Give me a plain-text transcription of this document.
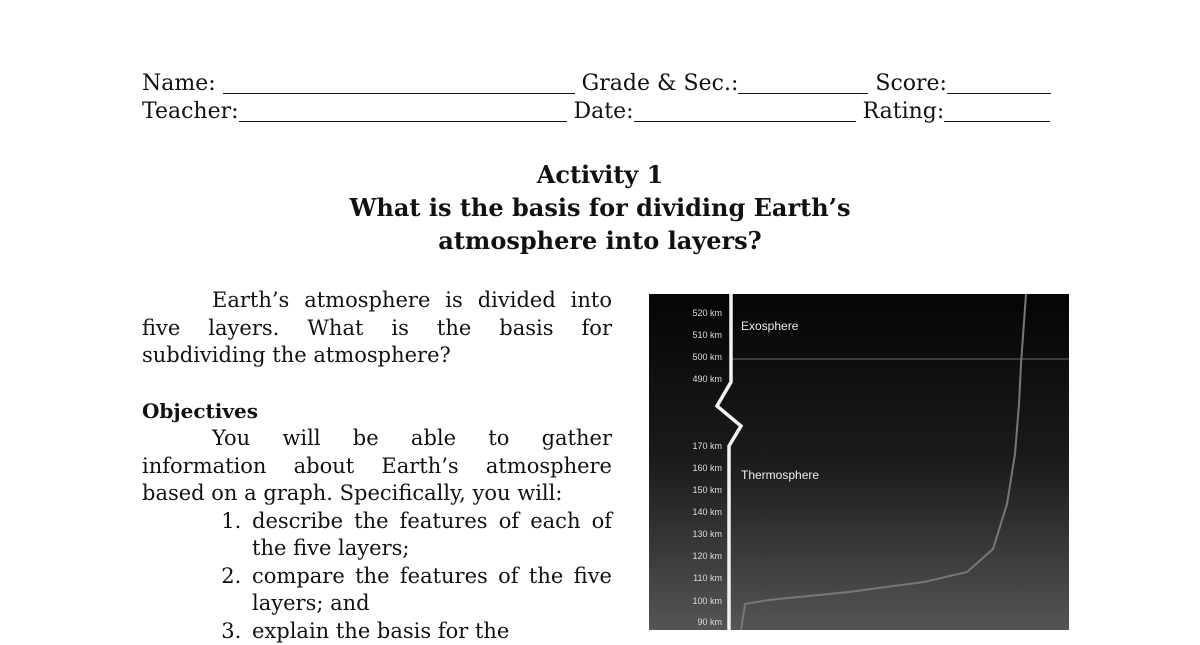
Name:	Grade & Sec.:	Score:
Teacher:	Date:	Rating:
Activity 1
What is the basis for dividing Earth’s
atmosphere into layers?

Earth’s atmosphere is divided into five layers. What is the basis for subdividing the atmosphere?

Objectives

You will be able to gather information about Earth’s atmosphere based on a graph. Specifically, you will:

1. describe the features of each of the five layers;
2. compare the features of the five layers; and
3. explain the basis for the
520 km
510 km
500 km
490 km
170 km
160 km
150 km
140 km
130 km
120 km
110 km
100 km
90 km
Exosphere
Thermosphere
